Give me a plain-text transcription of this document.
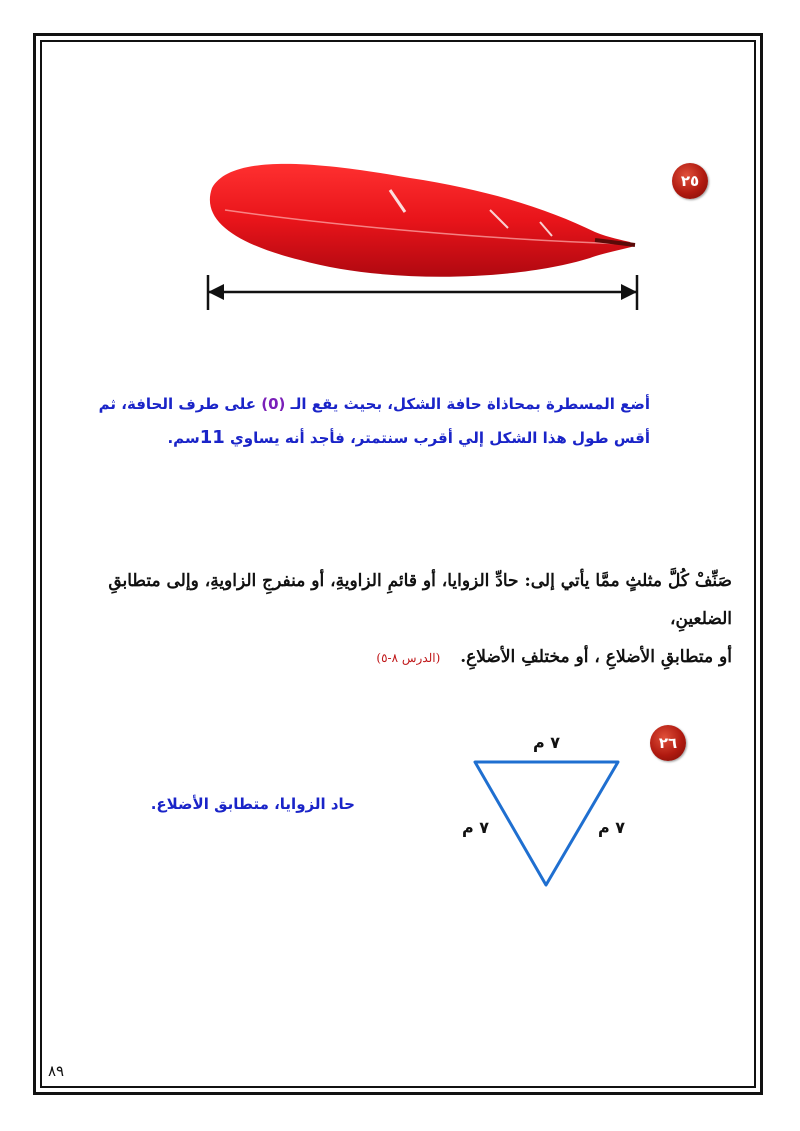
٢٥
أضع المسطرة بمحاذاة حافة الشكل، بحيث يقع الـ (0) على طرف الحافة، ثم
أقس طول هذا الشكل إلي أقرب سنتمتر، فأجد أنه يساوي 11سم.
صَنِّفْ كُلَّ مثلثٍ ممَّا يأتي إلى: حادِّ الزوايا، أو قائمِ الزاويةِ، أو منفرجِ الزاويةِ، وإلى متطابقِ الضلعينِ،
أو متطابقِ الأضلاعِ ، أو مختلفِ الأضلاعِ. (الدرس ٨-٥)
٢٦
٧ م
٧ م	٧ م
حاد الزوايا، متطابق الأضلاع.
٨٩
